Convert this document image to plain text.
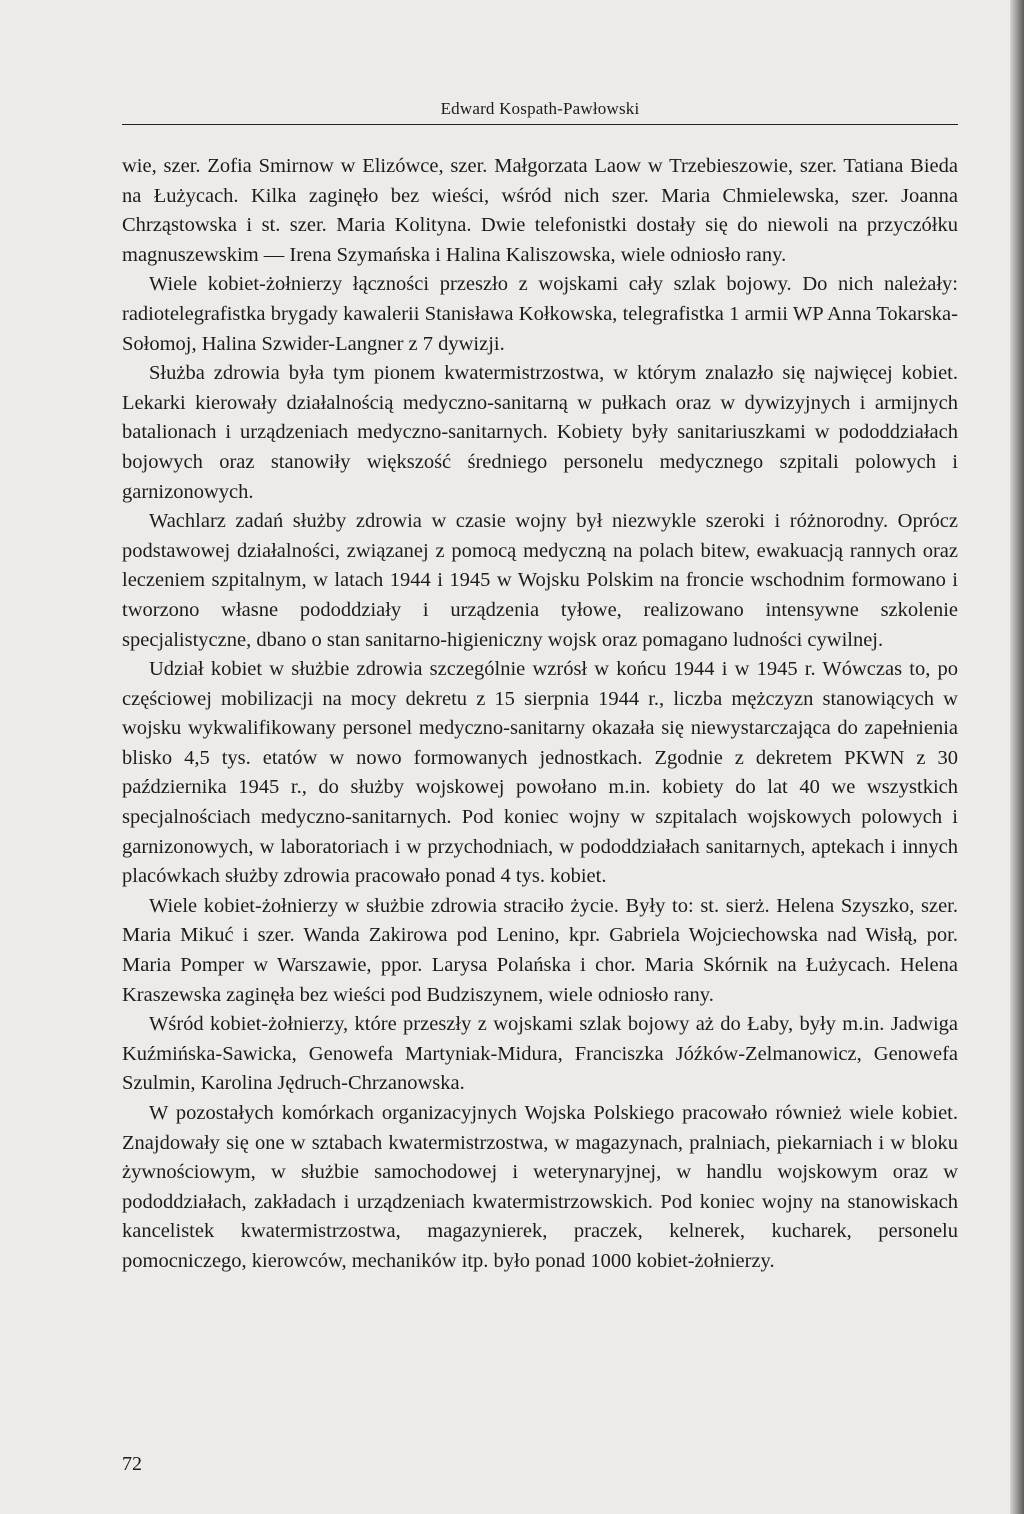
Edward Kospath-Pawłowski

wie, szer. Zofia Smirnow w Elizówce, szer. Małgorzata Laow w Trzebieszowie, szer. Tatiana Bieda na Łużycach. Kilka zaginęło bez wieści, wśród nich szer. Maria Chmielewska, szer. Joanna Chrząstowska i st. szer. Maria Kolityna. Dwie telefonistki dostały się do niewoli na przyczółku magnuszewskim — Irena Szymańska i Halina Kaliszowska, wiele odniosło rany.

Wiele kobiet-żołnierzy łączności przeszło z wojskami cały szlak bojowy. Do nich należały: radiotelegrafistka brygady kawalerii Stanisława Kołkowska, telegrafistka 1 armii WP Anna Tokarska-Sołomoj, Halina Szwider-Langner z 7 dywizji.

Służba zdrowia była tym pionem kwatermistrzostwa, w którym znalazło się najwięcej kobiet. Lekarki kierowały działalnością medyczno-sanitarną w pułkach oraz w dywizyjnych i armijnych batalionach i urządzeniach medyczno-sanitarnych. Kobiety były sanitariuszkami w pododdziałach bojowych oraz stanowiły większość średniego personelu medycznego szpitali polowych i garnizonowych.

Wachlarz zadań służby zdrowia w czasie wojny był niezwykle szeroki i różnorodny. Oprócz podstawowej działalności, związanej z pomocą medyczną na polach bitew, ewakuacją rannych oraz leczeniem szpitalnym, w latach 1944 i 1945 w Wojsku Polskim na froncie wschodnim formowano i tworzono własne pododdziały i urządzenia tyłowe, realizowano intensywne szkolenie specjalistyczne, dbano o stan sanitarno-higieniczny wojsk oraz pomagano ludności cywilnej.

Udział kobiet w służbie zdrowia szczególnie wzrósł w końcu 1944 i w 1945 r. Wówczas to, po częściowej mobilizacji na mocy dekretu z 15 sierpnia 1944 r., liczba mężczyzn stanowiących w wojsku wykwalifikowany personel medyczno-sanitarny okazała się niewystarczająca do zapełnienia blisko 4,5 tys. etatów w nowo formowanych jednostkach. Zgodnie z dekretem PKWN z 30 października 1945 r., do służby wojskowej powołano m.in. kobiety do lat 40 we wszystkich specjalnościach medyczno-sanitarnych. Pod koniec wojny w szpitalach wojskowych polowych i garnizonowych, w laboratoriach i w przychodniach, w pododdziałach sanitarnych, aptekach i innych placówkach służby zdrowia pracowało ponad 4 tys. kobiet.

Wiele kobiet-żołnierzy w służbie zdrowia straciło życie. Były to: st. sierż. Helena Szyszko, szer. Maria Mikuć i szer. Wanda Zakirowa pod Lenino, kpr. Gabriela Wojciechowska nad Wisłą, por. Maria Pomper w Warszawie, ppor. Larysa Polańska i chor. Maria Skórnik na Łużycach. Helena Kraszewska zaginęła bez wieści pod Budziszynem, wiele odniosło rany.

Wśród kobiet-żołnierzy, które przeszły z wojskami szlak bojowy aż do Łaby, były m.in. Jadwiga Kuźmińska-Sawicka, Genowefa Martyniak-Midura, Franciszka Jóźków-Zelmanowicz, Genowefa Szulmin, Karolina Jędruch-Chrzanowska.

W pozostałych komórkach organizacyjnych Wojska Polskiego pracowało również wiele kobiet. Znajdowały się one w sztabach kwatermistrzostwa, w magazynach, pralniach, piekarniach i w bloku żywnościowym, w służbie samochodowej i weterynaryjnej, w handlu wojskowym oraz w pododdziałach, zakładach i urządzeniach kwatermistrzowskich. Pod koniec wojny na stanowiskach kancelistek kwatermistrzostwa, magazynierek, praczek, kelnerek, kucharek, personelu pomocniczego, kierowców, mechaników itp. było ponad 1000 kobiet-żołnierzy.

72
